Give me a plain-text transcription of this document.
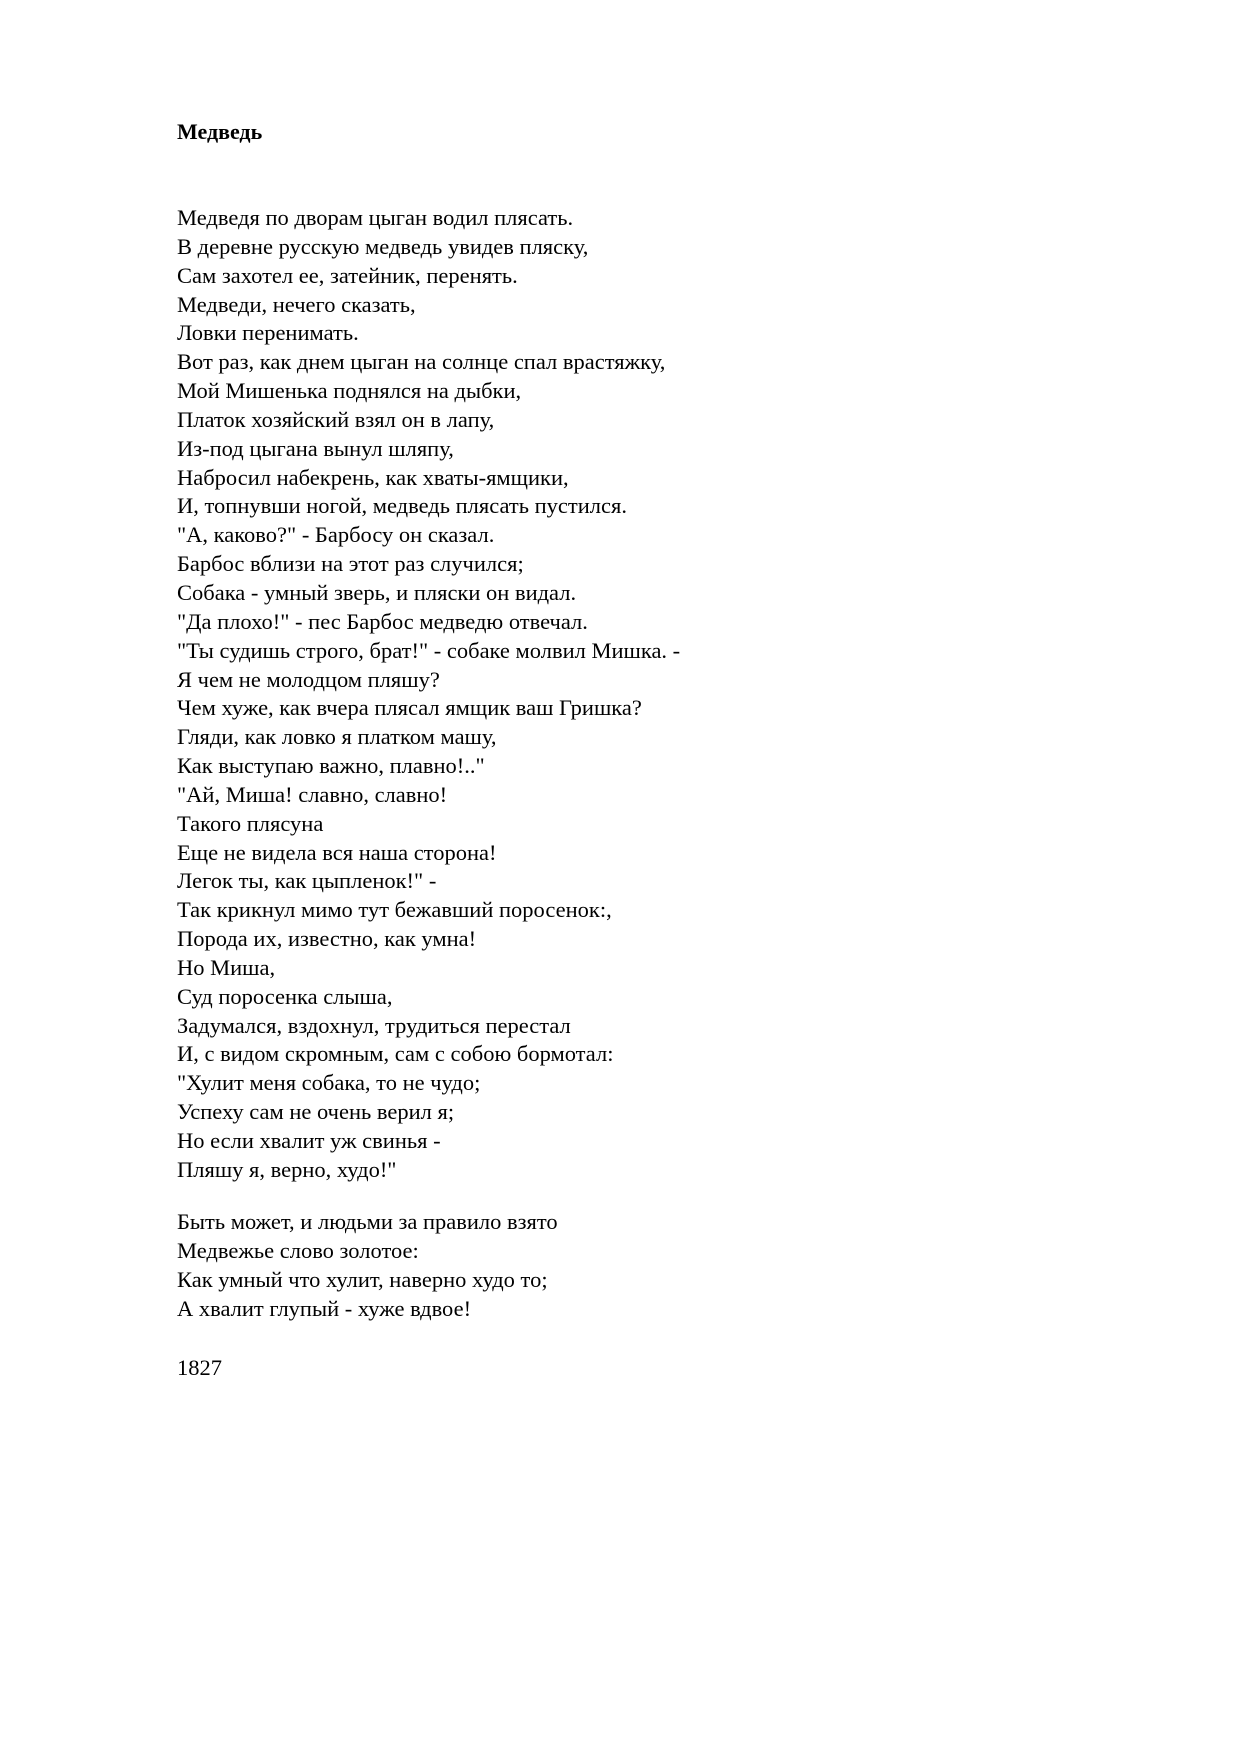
Медведь
Медведя по дворам цыган водил плясать.
В деревне русскую медведь увидев пляску,
Сам захотел ее, затейник, перенять.
Медведи, нечего сказать,
Ловки перенимать.
Вот раз, как днем цыган на солнце спал врастяжку,
Мой Мишенька поднялся на дыбки,
Платок хозяйский взял он в лапу,
Из-под цыгана вынул шляпу,
Набросил набекрень, как хваты-ямщики,
И, топнувши ногой, медведь плясать пустился.
"А, каково?" - Барбосу он сказал.
Барбос вблизи на этот раз случился;
Собака - умный зверь, и пляски он видал.
"Да плохо!" - пес Барбос медведю отвечал.
"Ты судишь строго, брат!" - собаке молвил Мишка. -
Я чем не молодцом пляшу?
Чем хуже, как вчера плясал ямщик ваш Гришка?
Гляди, как ловко я платком машу,
Как выступаю важно, плавно!.."
"Ай, Миша! славно, славно!
Такого плясуна
Еще не видела вся наша сторона!
Легок ты, как цыпленок!" -
Так крикнул мимо тут бежавший поросенок:,
Порода их, известно, как умна!
Но Миша,
Суд поросенка слыша,
Задумался, вздохнул, трудиться перестал
И, с видом скромным, сам с собою бормотал:
"Хулит меня собака, то не чудо;
Успеху сам не очень верил я;
Но если хвалит уж свинья -
Пляшу я, верно, худо!"
Быть может, и людьми за правило взято
Медвежье слово золотое:
Как умный что хулит, наверно худо то;
А хвалит глупый - хуже вдвое!

1827
